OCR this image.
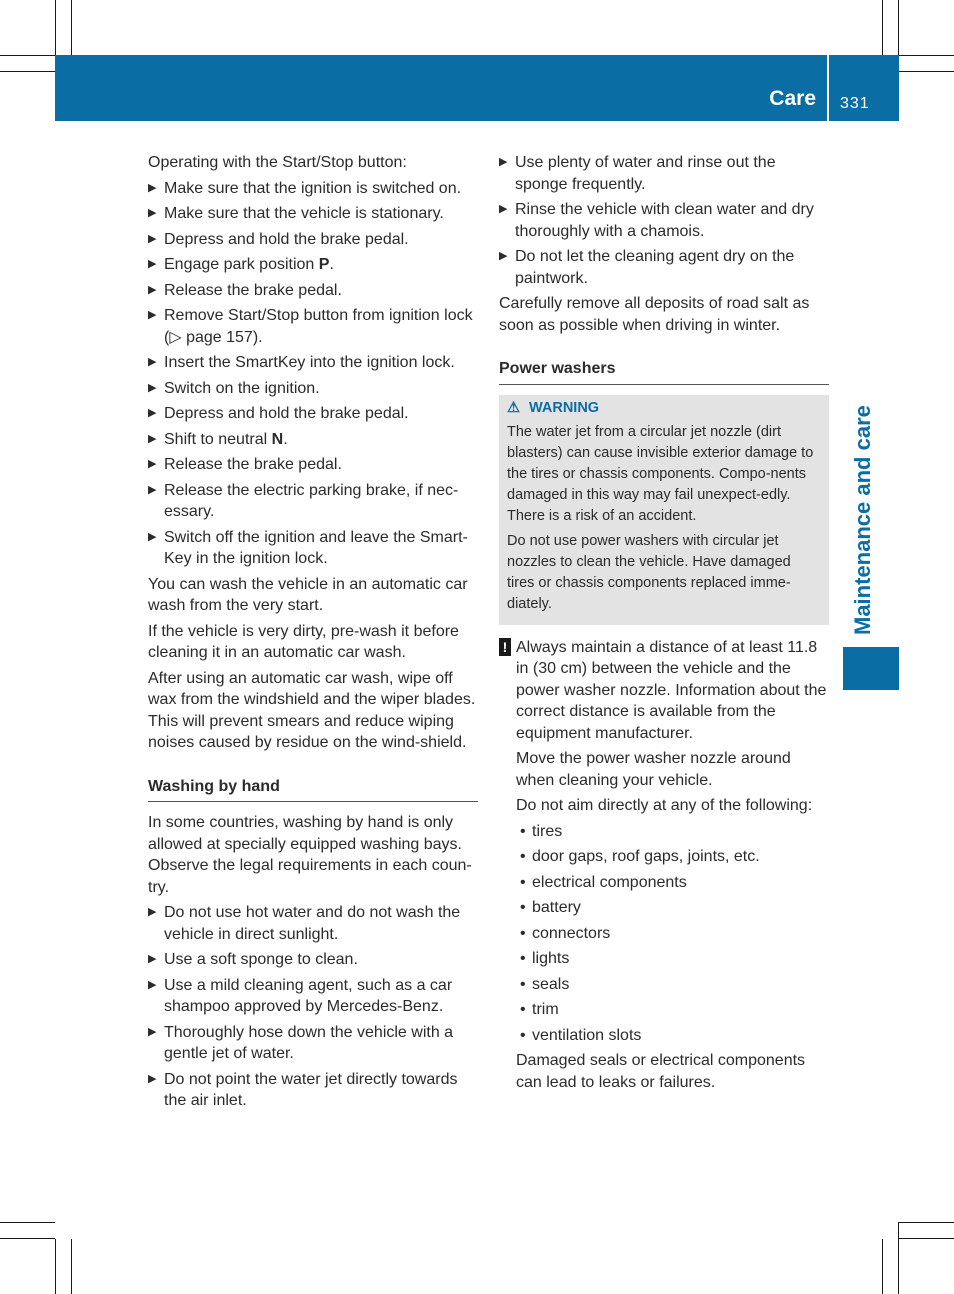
Care 331
Maintenance and care

Operating with the Start/Stop button:

▶ Make sure that the ignition is switched on.
▶ Make sure that the vehicle is stationary.
▶ Depress and hold the brake pedal.
▶ Engage park position P.
▶ Release the brake pedal.
▶ Remove Start/Stop button from ignition lock (▷ page 157).
▶ Insert the SmartKey into the ignition lock.
▶ Switch on the ignition.
▶ Depress and hold the brake pedal.
▶ Shift to neutral N.
▶ Release the brake pedal.
▶ Release the electric parking brake, if nec-essary.
▶ Switch off the ignition and leave the Smart-Key in the ignition lock.

You can wash the vehicle in an automatic car wash from the very start.

If the vehicle is very dirty, pre-wash it before cleaning it in an automatic car wash.

After using an automatic car wash, wipe off wax from the windshield and the wiper blades. This will prevent smears and reduce wiping noises caused by residue on the wind-shield.

Washing by hand

In some countries, washing by hand is only allowed at specially equipped washing bays. Observe the legal requirements in each coun-try.

▶ Do not use hot water and do not wash the vehicle in direct sunlight.
▶ Use a soft sponge to clean.
▶ Use a mild cleaning agent, such as a car shampoo approved by Mercedes-Benz.
▶ Thoroughly hose down the vehicle with a gentle jet of water.
▶ Do not point the water jet directly towards the air inlet.
▶ Use plenty of water and rinse out the sponge frequently.
▶ Rinse the vehicle with clean water and dry thoroughly with a chamois.
▶ Do not let the cleaning agent dry on the paintwork.

Carefully remove all deposits of road salt as soon as possible when driving in winter.

Power washers
⚠ WARNING

The water jet from a circular jet nozzle (dirt blasters) can cause invisible exterior damage to the tires or chassis components. Compo-nents damaged in this way may fail unexpect-edly. There is a risk of an accident.

Do not use power washers with circular jet nozzles to clean the vehicle. Have damaged tires or chassis components replaced imme-diately.

! Always maintain a distance of at least 11.8 in (30 cm) between the vehicle and the power washer nozzle. Information about the correct distance is available from the equipment manufacturer.

Move the power washer nozzle around when cleaning your vehicle.

Do not aim directly at any of the following:

• tires
• door gaps, roof gaps, joints, etc.
• electrical components
• battery
• connectors
• lights
• seals
• trim
• ventilation slots

Damaged seals or electrical components can lead to leaks or failures.
